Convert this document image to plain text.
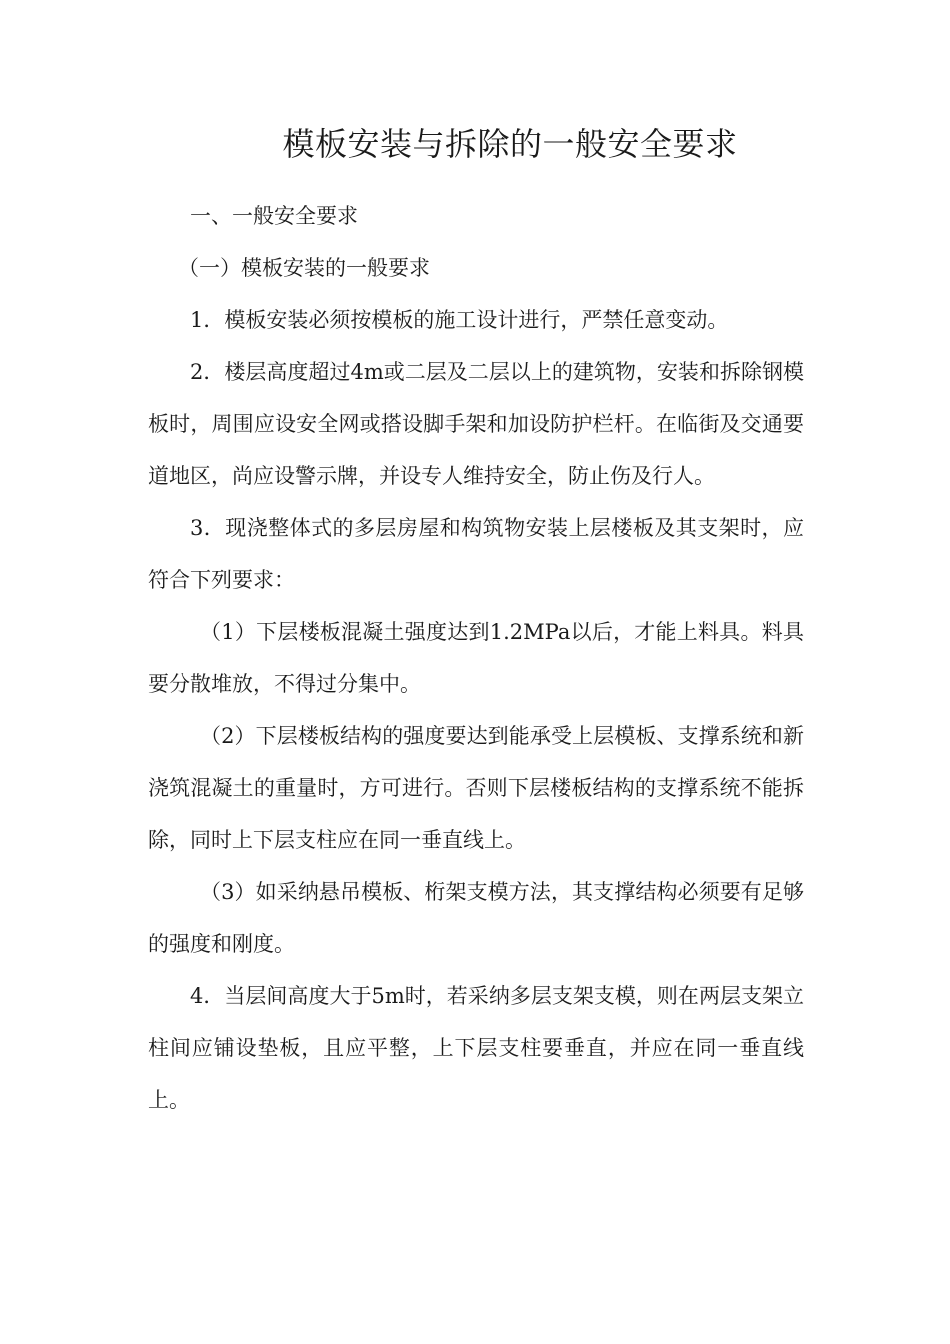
模板安装与拆除的一般安全要求

一、一般安全要求

（一）模板安装的一般要求

1．模板安装必须按模板的施工设计进行，严禁任意变动。

2．楼层高度超过4m或二层及二层以上的建筑物，安装和拆除钢模板时，周围应设安全网或搭设脚手架和加设防护栏杆。在临街及交通要道地区，尚应设警示牌，并设专人维持安全，防止伤及行人。

3．现浇整体式的多层房屋和构筑物安装上层楼板及其支架时，应符合下列要求：

（1）下层楼板混凝土强度达到1.2MPa以后，才能上料具。料具要分散堆放，不得过分集中。

（2）下层楼板结构的强度要达到能承受上层模板、支撑系统和新浇筑混凝土的重量时，方可进行。否则下层楼板结构的支撑系统不能拆除，同时上下层支柱应在同一垂直线上。

（3）如采纳悬吊模板、桁架支模方法，其支撑结构必须要有足够的强度和刚度。

4．当层间高度大于5m时，若采纳多层支架支模，则在两层支架立柱间应铺设垫板，且应平整，上下层支柱要垂直，并应在同一垂直线上。
